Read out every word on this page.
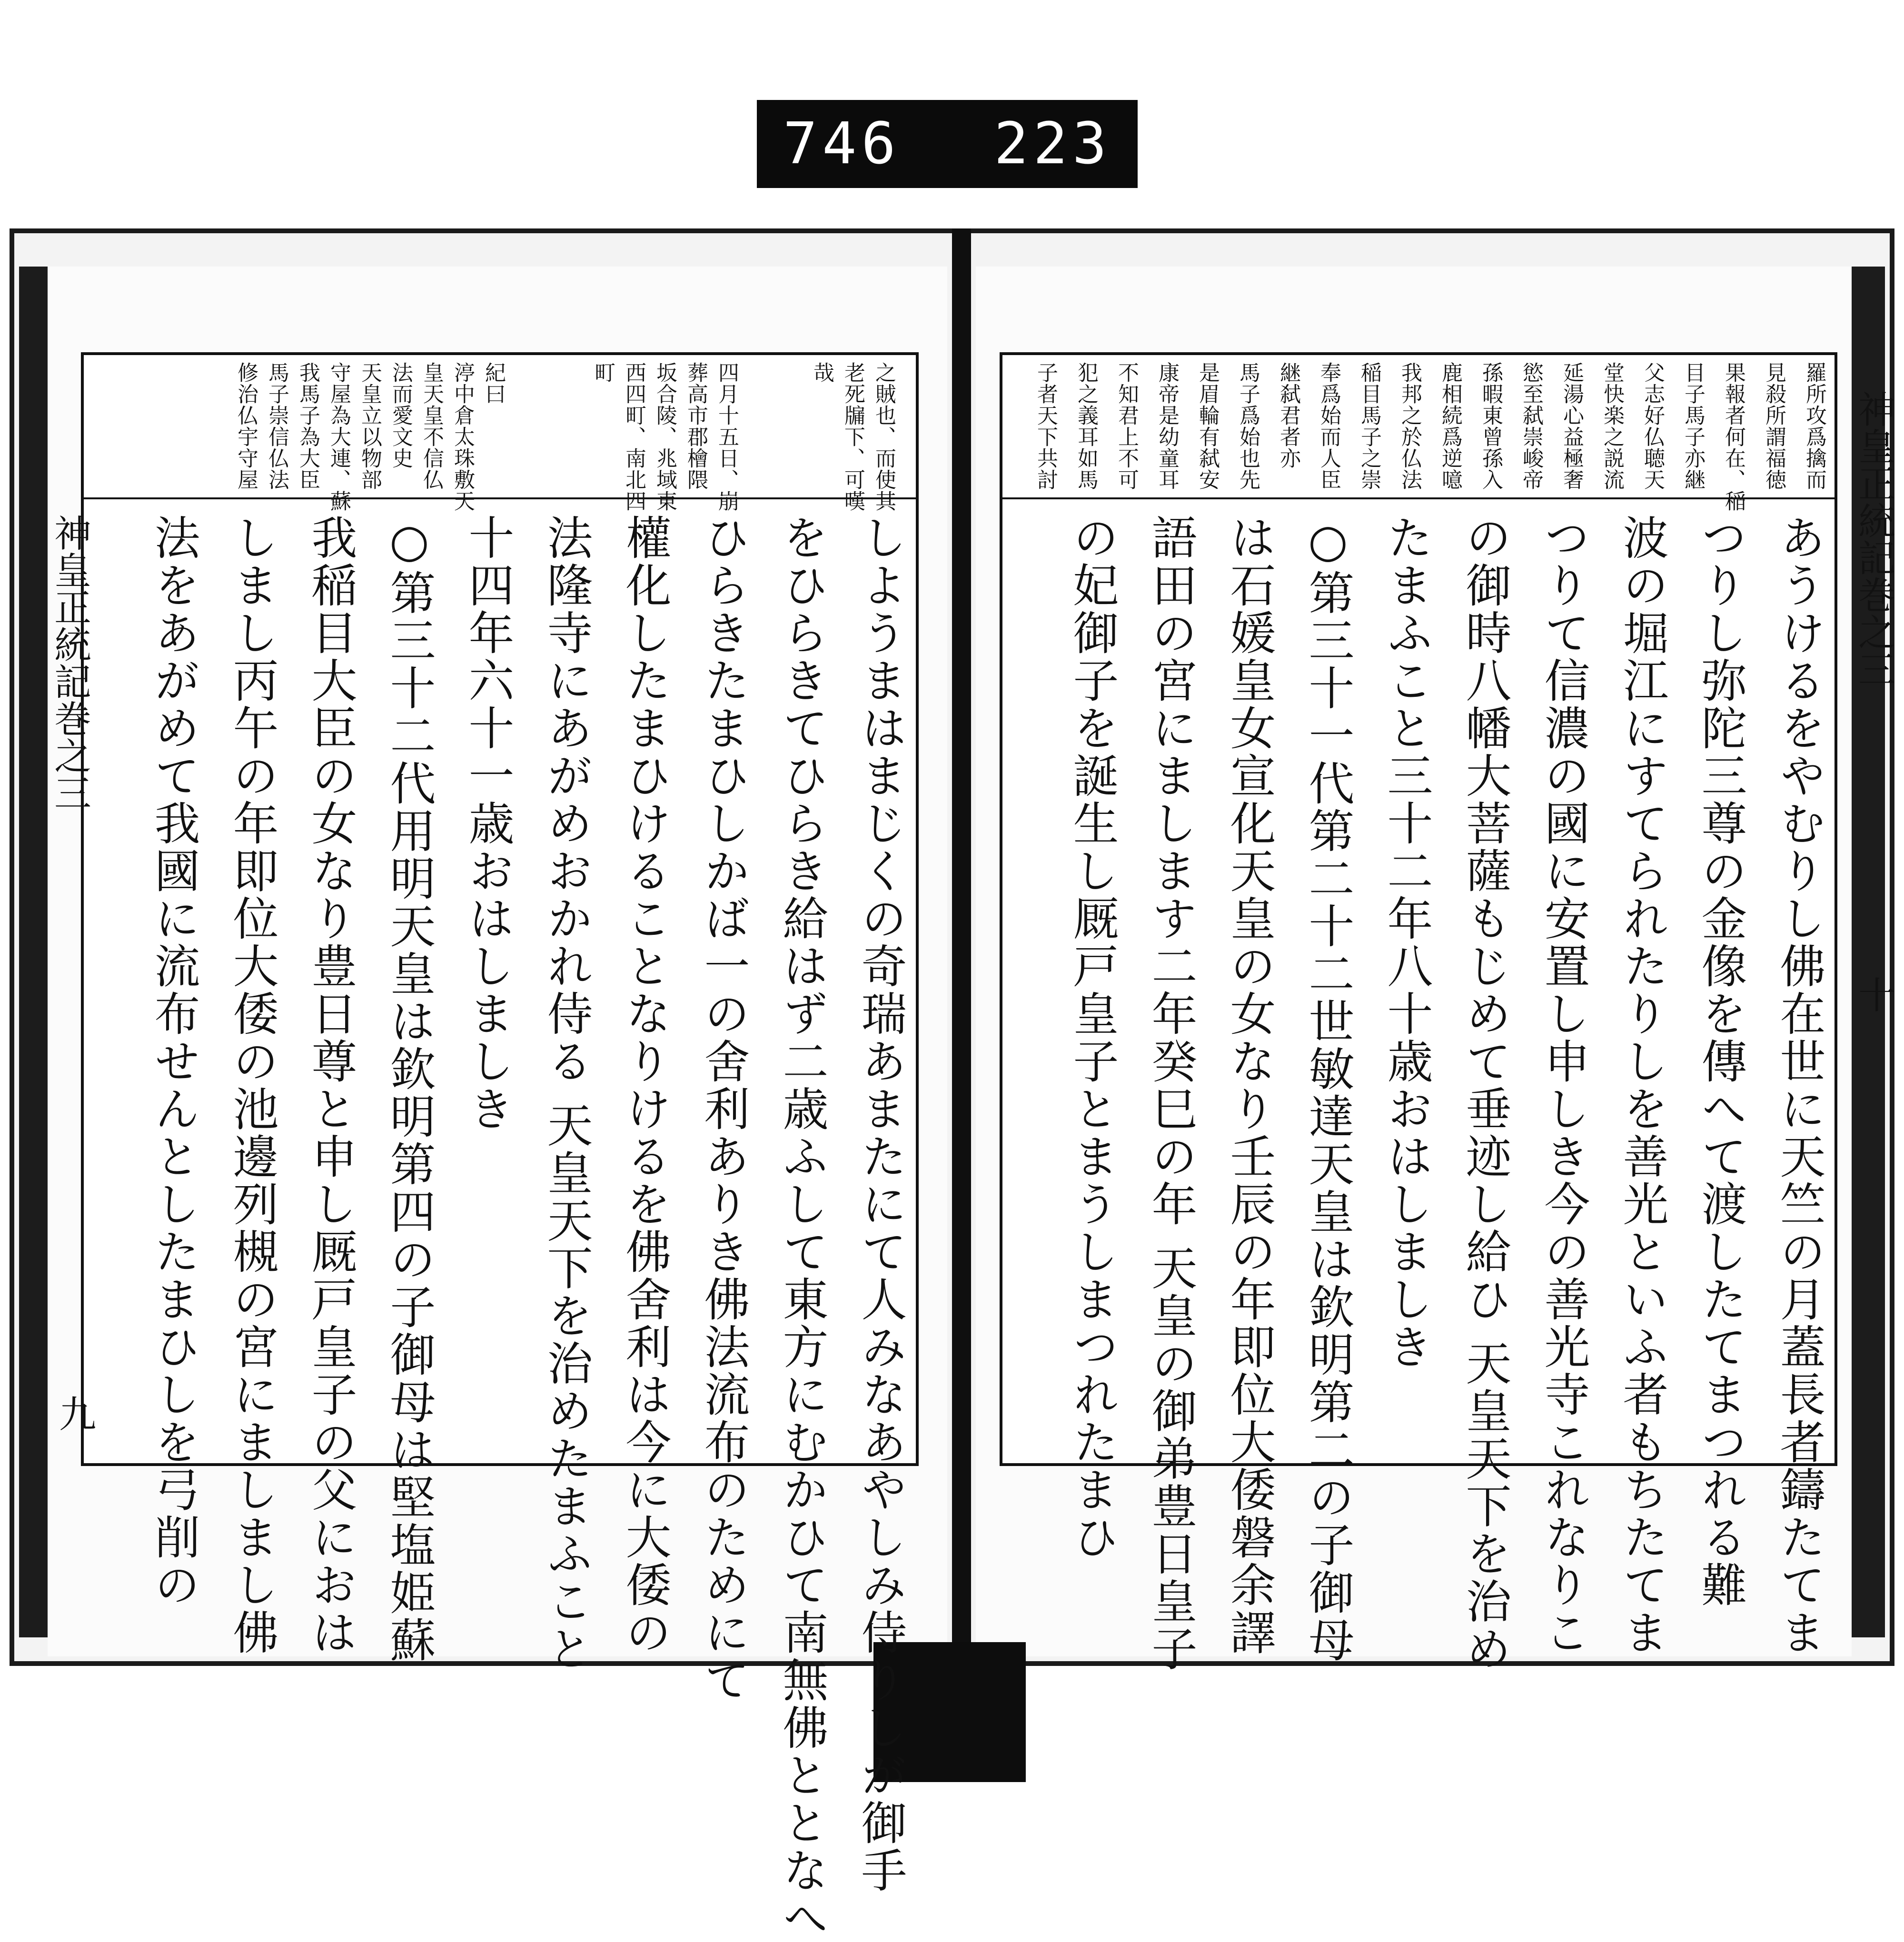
746 223
神皇正統記巻之三
九
神皇正統記巻之三
十
之賊也、而使其
老死牖下、可嘆
哉
四月十五日、崩
葬高市郡檜隈
坂合陵、兆域東
西四町、南北四
町
紀曰
渟中倉太珠敷天
皇天皇不信仏
法而愛文史
天皇立以物部
守屋為大連、蘇
我馬子為大臣
馬子崇信仏法
修治仏宇守屋
しようまはまじくの奇瑞あまたにて人みなあやしみ侍りしが御手
をひらきてひらき給はず二歳ふして東方にむかひて南無佛ととなへ
ひらきたまひしかば一の舍利ありき佛法流布のためにて
權化したまひけることなりけるを佛舍利は今に大倭の
法隆寺にあがめおかれ侍る 天皇天下を治めたまふこと
十四年六十一歳おはしましき
○第三十二代用明天皇は欽明第四の子御母は堅塩姫蘇
我稲目大臣の女なり豊日尊と申し厩戸皇子の父におは
しまし丙午の年即位大倭の池邊列槻の宮にましまし佛
法をあがめて我國に流布せんとしたまひしを弓削の
羅所攻爲擒而
見殺所謂福徳
果報者何在、稲
目子馬子亦継
父志好仏聴天
堂快楽之説流
延湯心益極奢
慾至弑崇峻帝
孫暇東曾孫入
鹿相続爲逆噫
我邦之於仏法
稲目馬子之崇
奉爲始而人臣
継弑君者亦
馬子爲始也先
是眉輪有弑安
康帝是幼童耳
不知君上不可
犯之義耳如馬
子者天下共討
あうけるをやむりし佛在世に天竺の月蓋長者鑄たてま
つりし弥陀三尊の金像を傳へて渡したてまつれる難
波の堀江にすてられたりしを善光といふ者もちたてま
つりて信濃の國に安置し申しき今の善光寺これなりこ
の御時八幡大菩薩もじめて垂迹し給ひ 天皇天下を治め
たまふこと三十二年八十歳おはしましき
○第三十一代第二十二世敏達天皇は欽明第二の子御母
は石媛皇女宣化天皇の女なり壬辰の年即位大倭磐余譯
語田の宮にまします二年癸巳の年 天皇の御弟豊日皇子
の妃御子を誕生し厩戸皇子とまうしまつれたまひ
